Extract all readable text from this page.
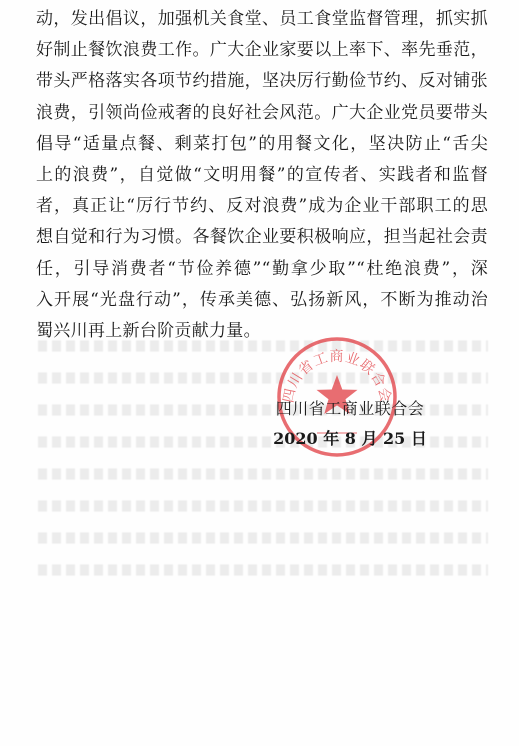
动，发出倡议，加强机关食堂、员工食堂监督管理，抓实抓
好制止餐饮浪费工作。广大企业家要以上率下、率先垂范，
带头严格落实各项节约措施，坚决厉行勤俭节约、反对铺张
浪费，引领尚俭戒奢的良好社会风范。广大企业党员要带头
倡导“适量点餐、剩菜打包”的用餐文化，坚决防止“舌尖
上的浪费”，自觉做“文明用餐”的宣传者、实践者和监督
者，真正让“厉行节约、反对浪费”成为企业干部职工的思
想自觉和行为习惯。各餐饮企业要积极响应，担当起社会责
任，引导消费者“节俭养德”“勤拿少取”“杜绝浪费”，深
入开展“光盘行动”，传承美德、弘扬新风，不断为推动治
蜀兴川再上新台阶贡献力量。
四川省工商业联合会
四川省工商业联合会
2020 年 8 月 25 日
